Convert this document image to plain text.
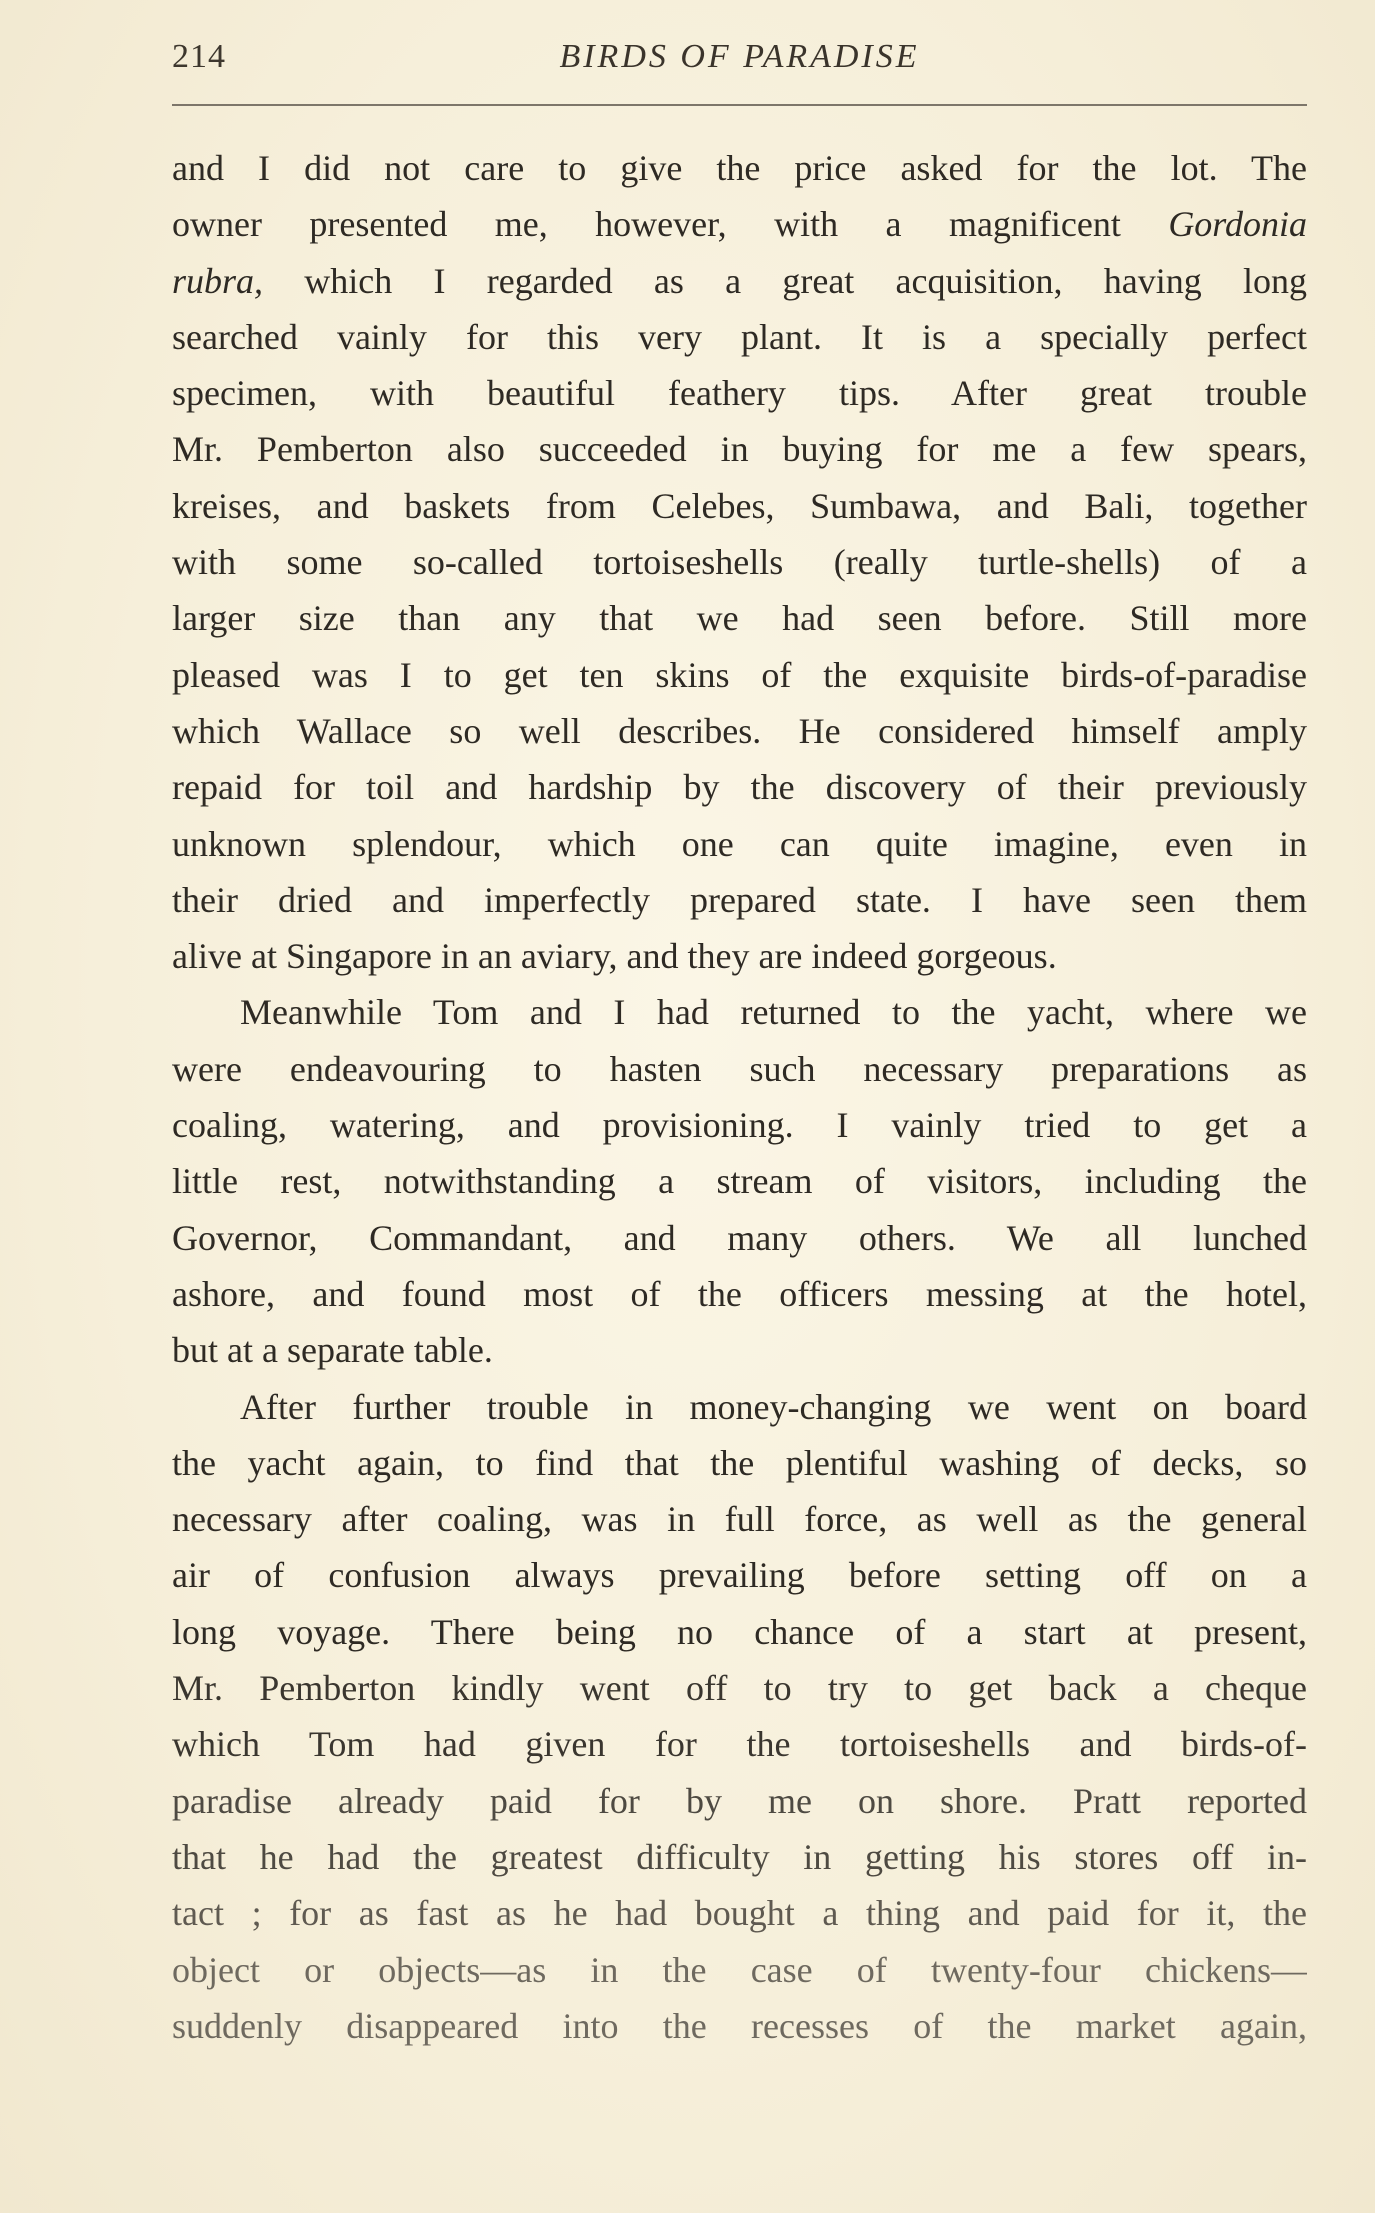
214	BIRDS OF PARADISE
and I did not care to give the price asked for the lot. The
owner presented me, however, with a magnificent Gordonia
rubra, which I regarded as a great acquisition, having long
searched vainly for this very plant. It is a specially perfect
specimen, with beautiful feathery tips. After great trouble
Mr. Pemberton also succeeded in buying for me a few spears,
kreises, and baskets from Celebes, Sumbawa, and Bali, together
with some so-called tortoiseshells (really turtle-shells) of a
larger size than any that we had seen before. Still more
pleased was I to get ten skins of the exquisite birds-of-paradise
which Wallace so well describes. He considered himself amply
repaid for toil and hardship by the discovery of their previously
unknown splendour, which one can quite imagine, even in
their dried and imperfectly prepared state. I have seen them
alive at Singapore in an aviary, and they are indeed gorgeous.
Meanwhile Tom and I had returned to the yacht, where we
were endeavouring to hasten such necessary preparations as
coaling, watering, and provisioning. I vainly tried to get a
little rest, notwithstanding a stream of visitors, including the
Governor, Commandant, and many others. We all lunched
ashore, and found most of the officers messing at the hotel,
but at a separate table.
After further trouble in money-changing we went on board
the yacht again, to find that the plentiful washing of decks, so
necessary after coaling, was in full force, as well as the general
air of confusion always prevailing before setting off on a
long voyage. There being no chance of a start at present,
Mr. Pemberton kindly went off to try to get back a cheque
which Tom had given for the tortoiseshells and birds-of-
paradise already paid for by me on shore. Pratt reported
that he had the greatest difficulty in getting his stores off in-
tact ; for as fast as he had bought a thing and paid for it, the
object or objects—as in the case of twenty-four chickens—
suddenly disappeared into the recesses of the market again,
